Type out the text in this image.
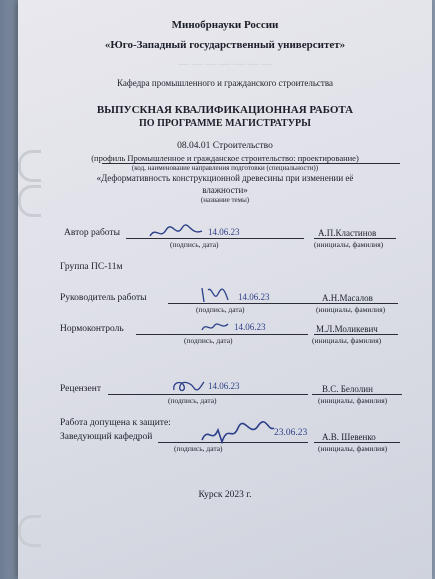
— — — — — — —
Минобрнауки России
«Юго-Западный государственный университет»
Кафедра промышленного и гражданского строительства
ВЫПУСКНАЯ КВАЛИФИКАЦИОННАЯ РАБОТА
ПО ПРОГРАММЕ МАГИСТРАТУРЫ
08.04.01 Строительство
(профиль Промышленное и гражданское строительство: проектирование)
(код, наименование направления подготовки (специальности))
«Деформативность конструкционной древесины при изменении её
влажности»
(название темы)
Автор работы	14.06.23
(подпись, дата)
А.П.Кластинов
(инициалы, фамилия)
Группа ПС-11м
Руководитель работы	14.06.23
(подпись, дата)
А.Н.Масалов
(инициалы, фамилия)
Нормоконтроль	14.06.23
(подпись, дата)
М.Л.Моликевич
(инициалы, фамилия)
Рецензент	14.06.23
(подпись, дата)
В.С. Белолин
(инициалы, фамилия)
Работа допущена к защите:
Заведующий кафедрой	23.06.23
(подпись, дата)
А.В. Шевенко
(инициалы, фамилия)
Курск 2023 г.
